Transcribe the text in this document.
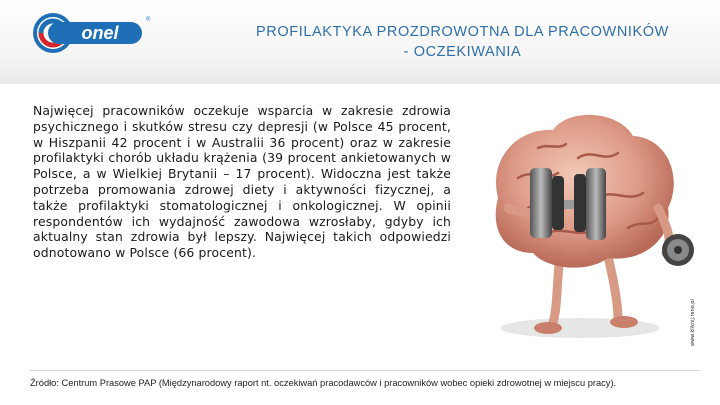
onel
®
PROFILAKTYKA PROZDROWOTNA DLA PRACOWNIKÓW
- OCZEKIWANIA
Najwięcej pracowników oczekuje wsparcia w zakresie zdrowia psychicznego i skutków stresu czy depresji (w Polsce 45 procent, w Hiszpanii 42 procent i w Australii 36 procent) oraz w zakresie profilaktyki chorób układu krążenia (39 procent ankietowanych w Polsce, a w Wielkiej Brytanii – 17 procent). Widoczna jest także potrzeba promowania zdrowej diety i aktywności fizycznej, a także profilaktyki stomatologicznej i onkologicznej. W opinii respondentów ich wydajność zawodowa wzrosłaby, gdyby ich aktualny stan zdrowia był lepszy. Najwięcej takich odpowiedzi odnotowano w Polsce (66 procent).
www.kliknij.reno.pl
Źródło: Centrum Prasowe PAP (Międzynarodowy raport nt. oczekiwań pracodawców i pracowników wobec opieki zdrowotnej w miejscu pracy).
